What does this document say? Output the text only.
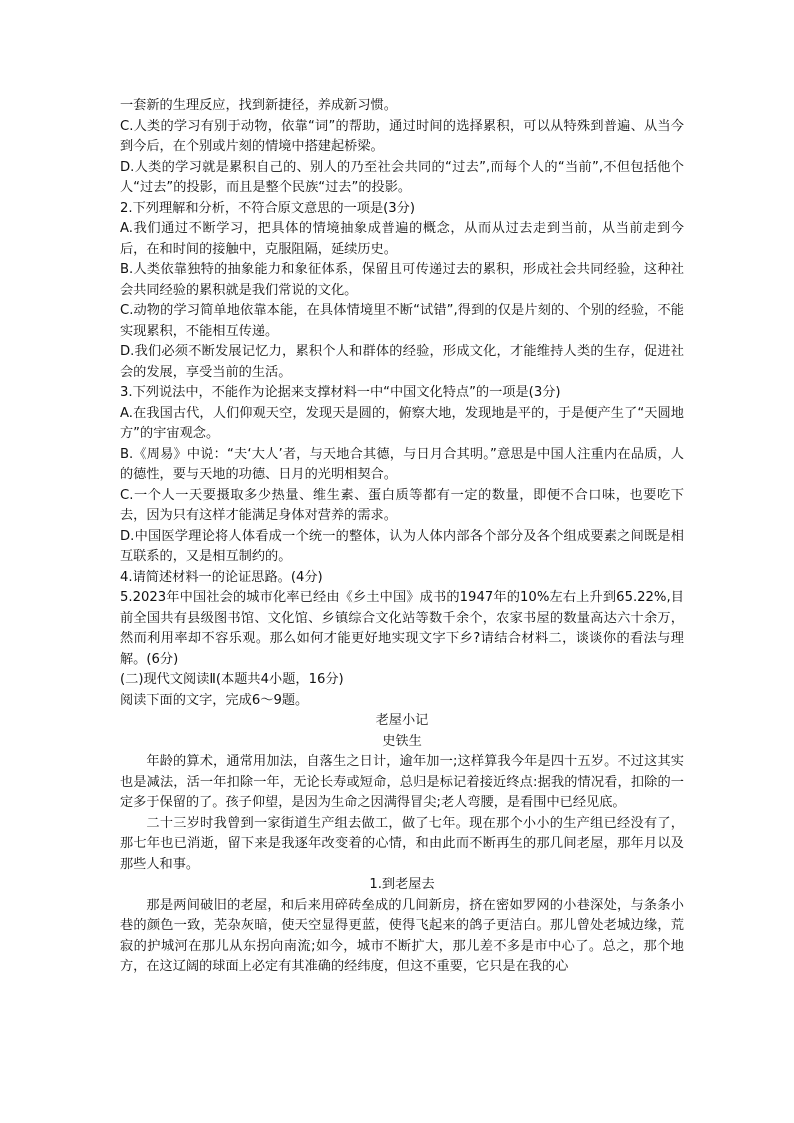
一套新的生理反应，找到新捷径，养成新习惯。

C.人类的学习有别于动物，依靠“词”的帮助，通过时间的选择累积，可以从特殊到普遍、从当今到今后，在个别或片刻的情境中搭建起桥梁。

D.人类的学习就是累积自己的、别人的乃至社会共同的“过去”,而每个人的“当前”,不但包括他个人“过去”的投影，而且是整个民族“过去”的投影。

2.下列理解和分析，不符合原文意思的一项是(3分)

A.我们通过不断学习，把具体的情境抽象成普遍的概念，从而从过去走到当前，从当前走到今后，在和时间的接触中，克服阻隔，延续历史。

B.人类依靠独特的抽象能力和象征体系，保留且可传递过去的累积，形成社会共同经验，这种社会共同经验的累积就是我们常说的文化。

C.动物的学习简单地依靠本能，在具体情境里不断“试错”,得到的仅是片刻的、个别的经验，不能实现累积，不能相互传递。

D.我们必须不断发展记忆力，累积个人和群体的经验，形成文化，才能维持人类的生存，促进社会的发展，享受当前的生活。

3.下列说法中，不能作为论据来支撑材料一中“中国文化特点”的一项是(3分)

A.在我国古代，人们仰观天空，发现天是圆的，俯察大地，发现地是平的，于是便产生了“天圆地方”的宇宙观念。

B.《周易》中说：“夫‘大人’者，与天地合其德，与日月合其明。”意思是中国人注重内在品质，人的德性，要与天地的功德、日月的光明相契合。

C.一个人一天要摄取多少热量、维生素、蛋白质等都有一定的数量，即便不合口味，也要吃下去，因为只有这样才能满足身体对营养的需求。

D.中国医学理论将人体看成一个统一的整体，认为人体内部各个部分及各个组成要素之间既是相互联系的，又是相互制约的。

4.请简述材料一的论证思路。(4分)

5.2023年中国社会的城市化率已经由《乡土中国》成书的1947年的10%左右上升到65.22%,目前全国共有县级图书馆、文化馆、乡镇综合文化站等数千余个，农家书屋的数量高达六十余万，然而利用率却不容乐观。那么如何才能更好地实现文字下乡?请结合材料二，谈谈你的看法与理解。(6分)

(二)现代文阅读Ⅱ(本题共4小题，16分)

阅读下面的文字，完成6～9题。

老屋小记

史铁生

年龄的算术，通常用加法，自落生之日计，逾年加一;这样算我今年是四十五岁。不过这其实也是减法，活一年扣除一年，无论长寿或短命，总归是标记着接近终点:据我的情况看，扣除的一定多于保留的了。孩子仰望，是因为生命之因满得冒尖;老人弯腰，是看围中已经见底。

二十三岁时我曾到一家街道生产组去做工，做了七年。现在那个小小的生产组已经没有了，那七年也已消逝，留下来是我逐年改变着的心情，和由此而不断再生的那几间老屋，那年月以及那些人和事。

1.到老屋去

那是两间破旧的老屋，和后来用碎砖垒成的几间新房，挤在密如罗网的小巷深处，与条条小巷的颜色一致，芜杂灰暗，使天空显得更蓝，使得飞起来的鸽子更洁白。那儿曾处老城边缘，荒寂的护城河在那儿从东拐向南流;如今，城市不断扩大，那儿差不多是市中心了。总之，那个地方，在这辽阔的球面上必定有其准确的经纬度，但这不重要，它只是在我的心
